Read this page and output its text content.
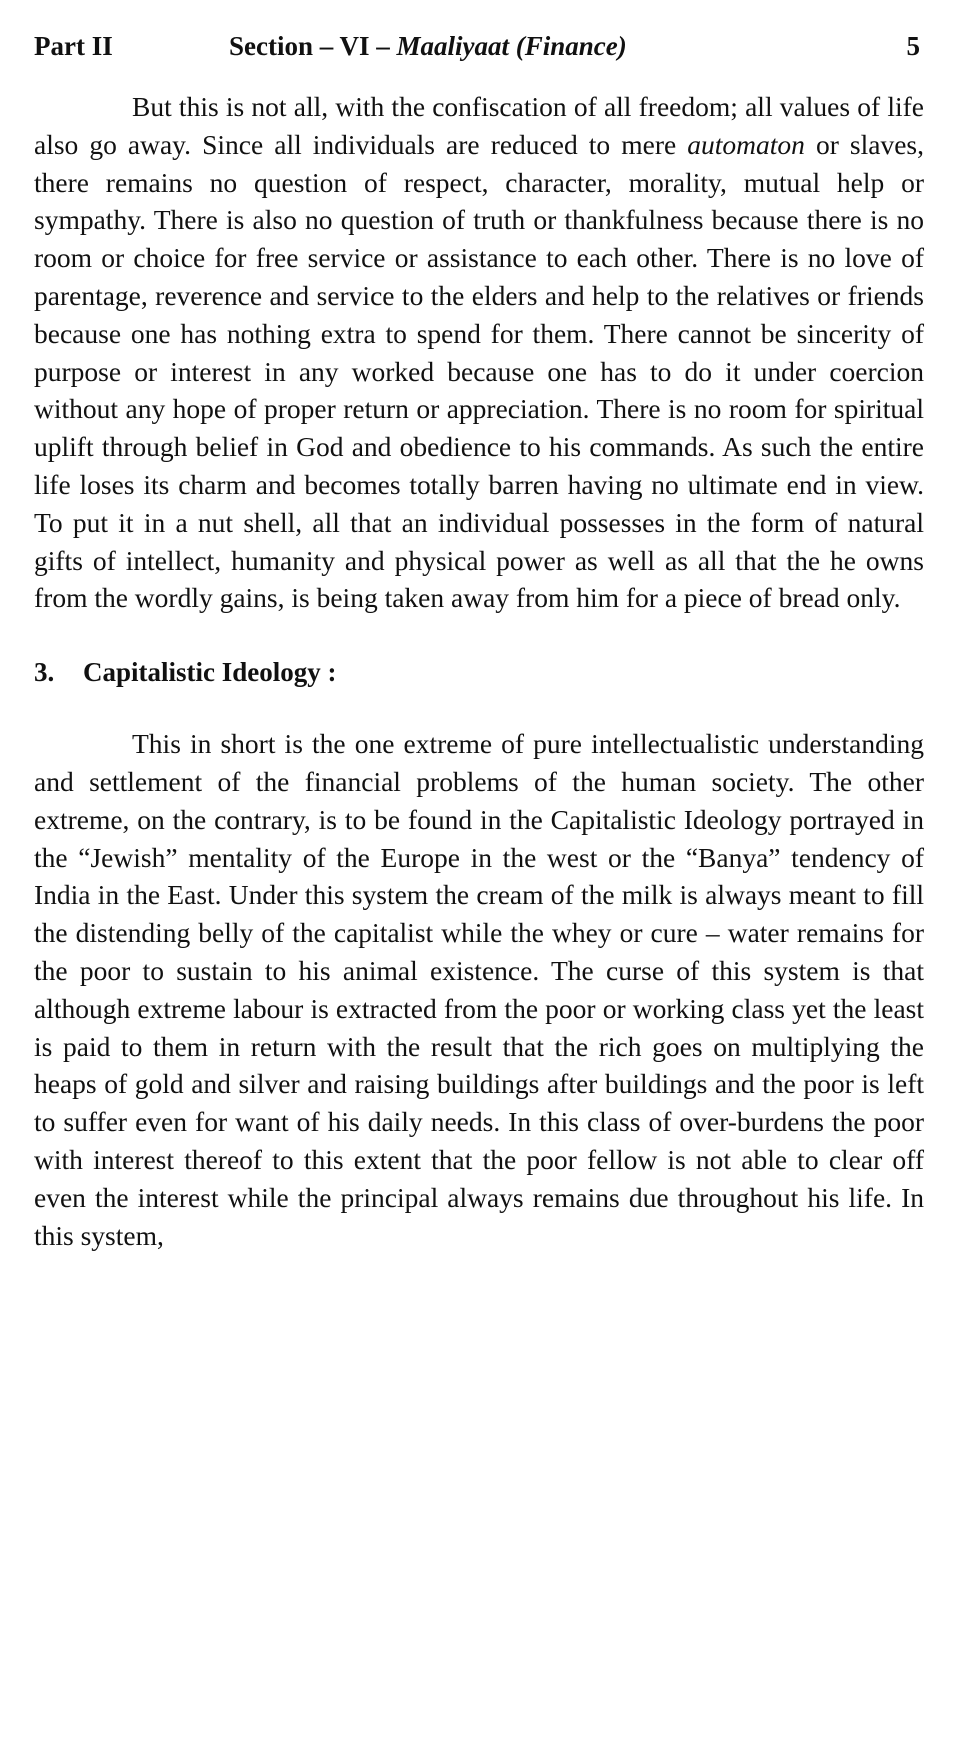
Part II	Section – VI – Maaliyaat (Finance)	5

But this is not all, with the confiscation of all freedom; all values of life also go away. Since all individuals are reduced to mere automaton or slaves, there remains no question of respect, character, morality, mutual help or sympathy. There is also no question of truth or thankfulness because there is no room or choice for free service or assistance to each other. There is no love of parentage, reverence and service to the elders and help to the relatives or friends because one has nothing extra to spend for them. There cannot be sincerity of purpose or interest in any worked because one has to do it under coercion without any hope of proper return or appreciation. There is no room for spiritual uplift through belief in God and obedience to his commands. As such the entire life loses its charm and becomes totally barren having no ultimate end in view. To put it in a nut shell, all that an individual possesses in the form of natural gifts of intellect, humanity and physical power as well as all that the he owns from the wordly gains, is being taken away from him for a piece of bread only.

3. Capitalistic Ideology :

This in short is the one extreme of pure intellectualistic understanding and settlement of the financial problems of the human society. The other extreme, on the contrary, is to be found in the Capitalistic Ideology portrayed in the “Jewish” mentality of the Europe in the west or the “Banya” tendency of India in the East. Under this system the cream of the milk is always meant to fill the distending belly of the capitalist while the whey or cure – water remains for the poor to sustain to his animal existence. The curse of this system is that although extreme labour is extracted from the poor or working class yet the least is paid to them in return with the result that the rich goes on multiplying the heaps of gold and silver and raising buildings after buildings and the poor is left to suffer even for want of his daily needs. In this class of over-burdens the poor with interest thereof to this extent that the poor fellow is not able to clear off even the interest while the principal always remains due throughout his life. In this system,
